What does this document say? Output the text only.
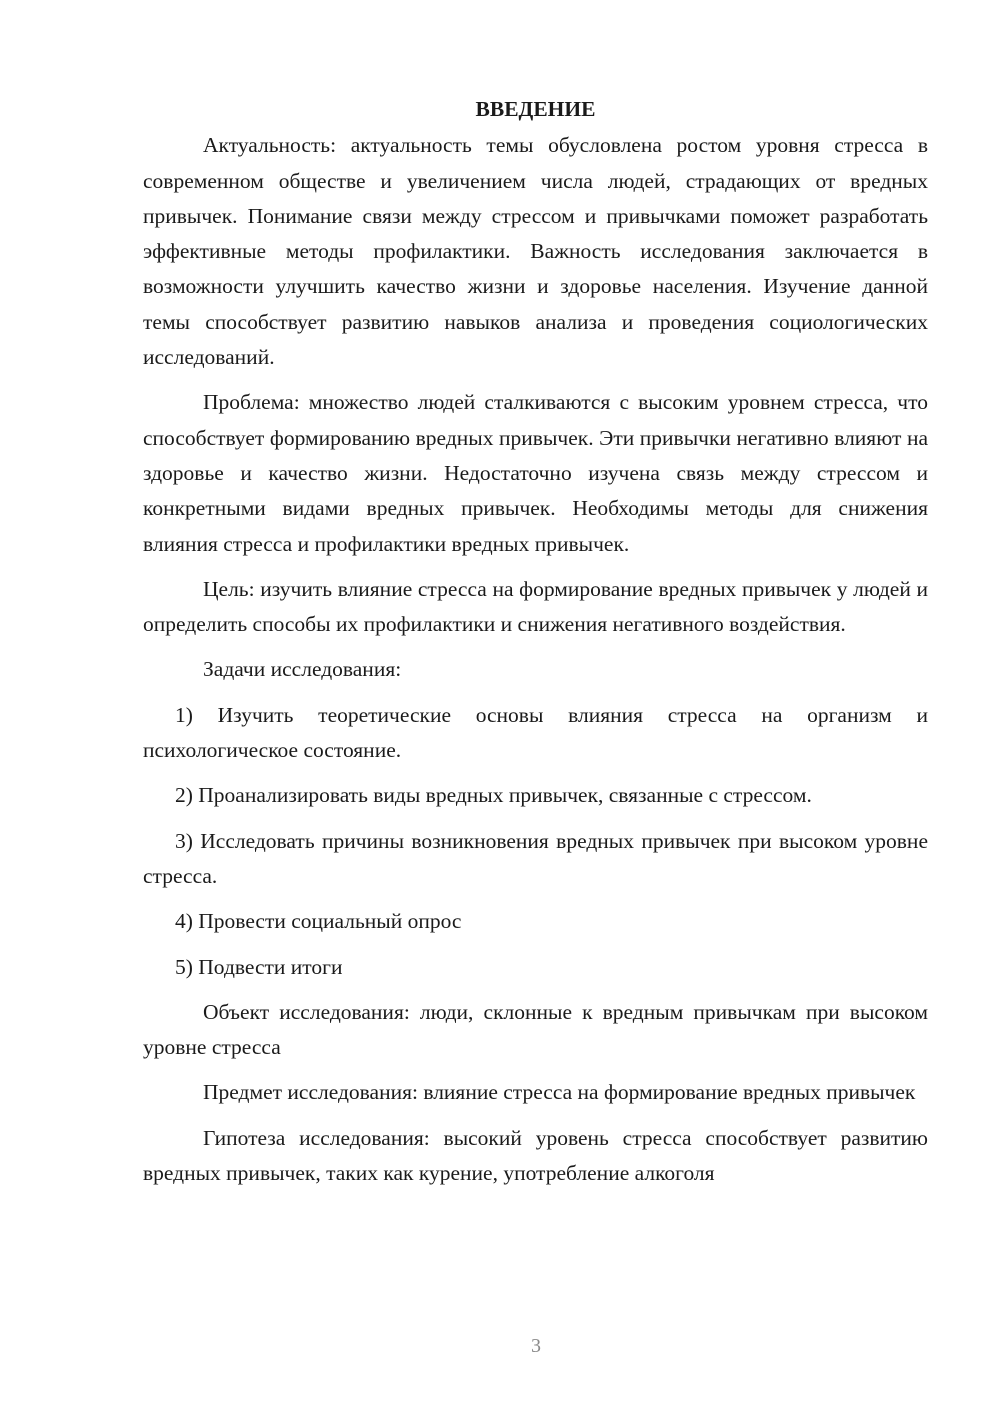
ВВЕДЕНИЕ

Актуальность: актуальность темы обусловлена ростом уровня стресса в современном обществе и увеличением числа людей, страдающих от вредных привычек. Понимание связи между стрессом и привычками поможет разработать эффективные методы профилактики. Важность исследования заключается в возможности улучшить качество жизни и здоровье населения. Изучение данной темы способствует развитию навыков анализа и проведения социологических исследований.

Проблема: множество людей сталкиваются с высоким уровнем стресса, что способствует формированию вредных привычек. Эти привычки негативно влияют на здоровье и качество жизни. Недостаточно изучена связь между стрессом и конкретными видами вредных привычек. Необходимы методы для снижения влияния стресса и профилактики вредных привычек.

Цель: изучить влияние стресса на формирование вредных привычек у людей и определить способы их профилактики и снижения негативного воздействия.

Задачи исследования:

1) Изучить теоретические основы влияния стресса на организм и психологическое состояние.

2) Проанализировать виды вредных привычек, связанные с стрессом.

3) Исследовать причины возникновения вредных привычек при высоком уровне стресса.

4) Провести социальный опрос

5) Подвести итоги

Объект исследования: люди, склонные к вредным привычкам при высоком уровне стресса

Предмет исследования: влияние стресса на формирование вредных привычек

Гипотеза исследования: высокий уровень стресса способствует развитию вредных привычек, таких как курение, употребление алкоголя

3
